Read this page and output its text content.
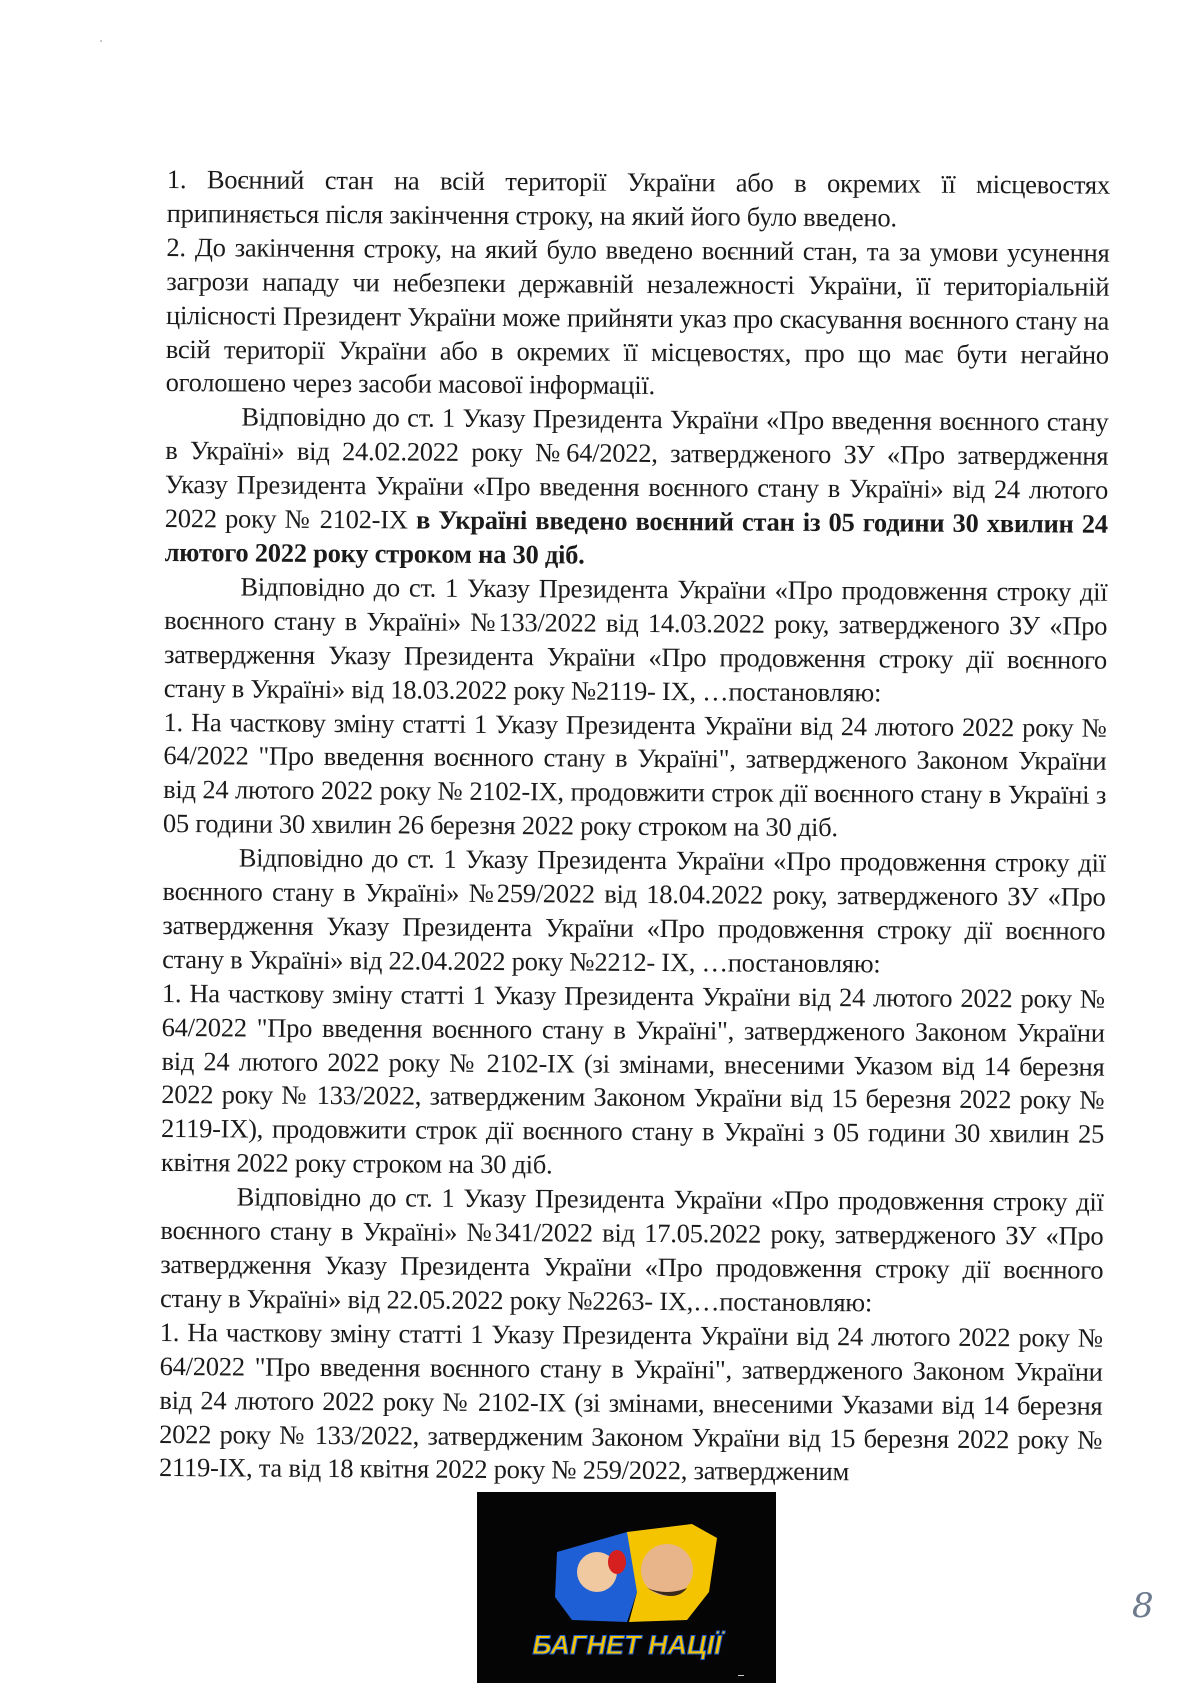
1. Воєнний стан на всій території України або в окремих її місцевостях припиняється після закінчення строку, на який його було введено.

2. До закінчення строку, на який було введено воєнний стан, та за умови усунення загрози нападу чи небезпеки державній незалежності України, її територіальній цілісності Президент України може прийняти указ про скасування воєнного стану на всій території України або в окремих її місцевостях, про що має бути негайно оголошено через засоби масової інформації.

Відповідно до ст. 1 Указу Президента України «Про введення воєнного стану в Україні» від 24.02.2022 року №64/2022, затвердженого ЗУ «Про затвердження Указу Президента України «Про введення воєнного стану в Україні» від 24 лютого 2022 року № 2102-IX в Україні введено воєнний стан із 05 години 30 хвилин 24 лютого 2022 року строком на 30 діб.

Відповідно до ст. 1 Указу Президента України «Про продовження строку дії воєнного стану в Україні» №133/2022 від 14.03.2022 року, затвердженого ЗУ «Про затвердження Указу Президента України «Про продовження строку дії воєнного стану в Україні» від 18.03.2022 року №2119- IX, …постановляю:

1. На часткову зміну статті 1 Указу Президента України від 24 лютого 2022 року № 64/2022 "Про введення воєнного стану в Україні", затвердженого Законом України від 24 лютого 2022 року № 2102-IX, продовжити строк дії воєнного стану в Україні з 05 години 30 хвилин 26 березня 2022 року строком на 30 діб.

Відповідно до ст. 1 Указу Президента України «Про продовження строку дії воєнного стану в Україні» №259/2022 від 18.04.2022 року, затвердженого ЗУ «Про затвердження Указу Президента України «Про продовження строку дії воєнного стану в Україні» від 22.04.2022 року №2212- IX, …постановляю:

1. На часткову зміну статті 1 Указу Президента України від 24 лютого 2022 року № 64/2022 "Про введення воєнного стану в Україні", затвердженого Законом України від 24 лютого 2022 року № 2102-IX (зі змінами, внесеними Указом від 14 березня 2022 року № 133/2022, затвердженим Законом України від 15 березня 2022 року № 2119-IX), продовжити строк дії воєнного стану в Україні з 05 години 30 хвилин 25 квітня 2022 року строком на 30 діб.

Відповідно до ст. 1 Указу Президента України «Про продовження строку дії воєнного стану в Україні» №341/2022 від 17.05.2022 року, затвердженого ЗУ «Про затвердження Указу Президента України «Про продовження строку дії воєнного стану в Україні» від 22.05.2022 року №2263- IX,…постановляю:

1. На часткову зміну статті 1 Указу Президента України від 24 лютого 2022 року № 64/2022 "Про введення воєнного стану в Україні", затвердженого Законом України від 24 лютого 2022 року № 2102-IX (зі змінами, внесеними Указами від 14 березня 2022 року № 133/2022, затвердженим Законом України від 15 березня 2022 року № 2119-IX, та від 18 квітня 2022 року № 259/2022, затвердженим

БАГНЕТ НАЦІЇ
8
